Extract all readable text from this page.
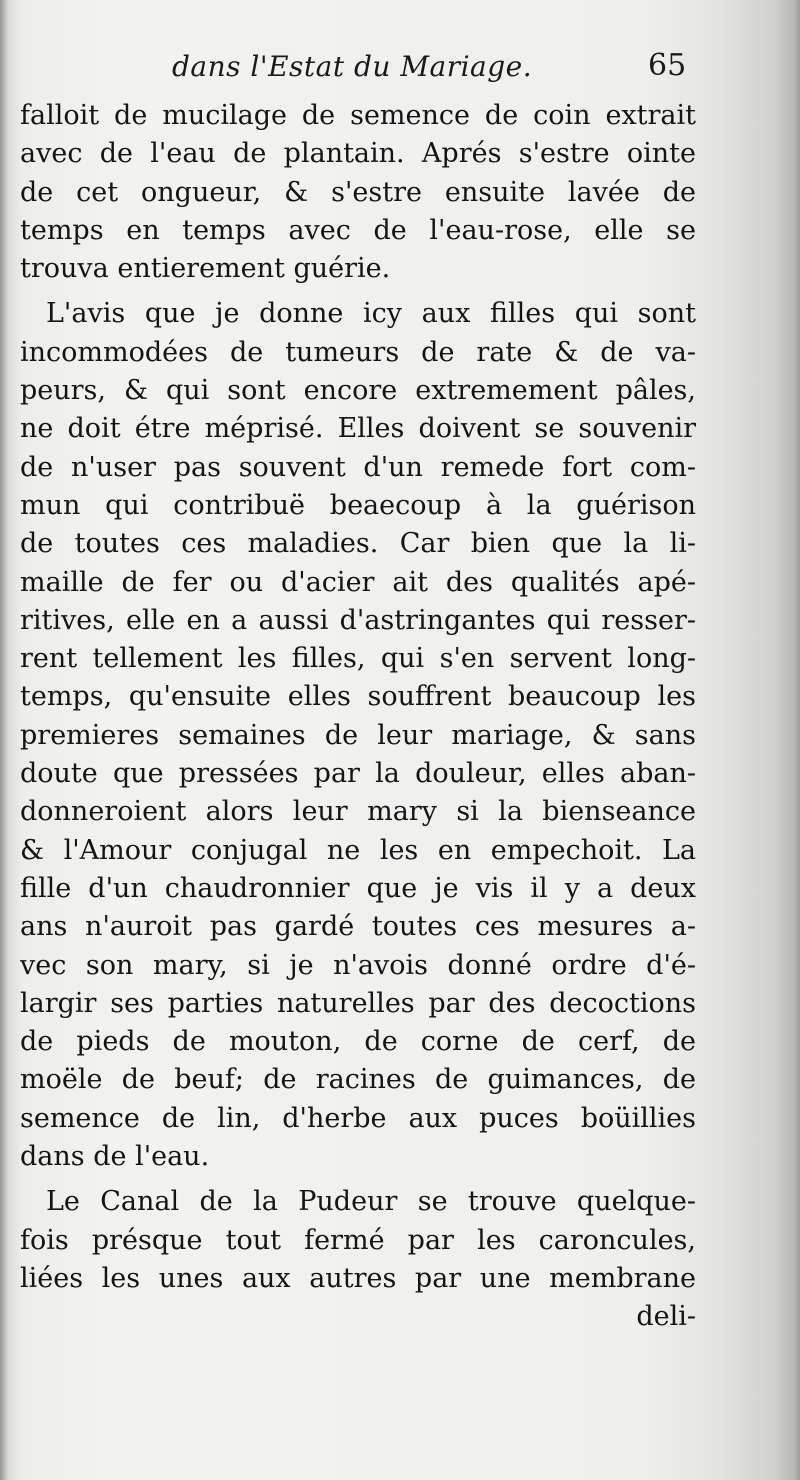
dans l'Estat du Mariage.	65
falloit de mucilage de semence de coin extrait
avec de l'eau de plantain. Aprés s'estre ointe
de cet ongueur, & s'estre ensuite lavée de
temps en temps avec de l'eau-rose, elle se
trouva entierement guérie.
L'avis que je donne icy aux filles qui sont
incommodées de tumeurs de rate & de va-
peurs, & qui sont encore extremement pâles,
ne doit étre méprisé. Elles doivent se souvenir
de n'user pas souvent d'un remede fort com-
mun qui contribuë beaecoup à la guérison
de toutes ces maladies. Car bien que la li-
maille de fer ou d'acier ait des qualités apé-
ritives, elle en a aussi d'astringantes qui resser-
rent tellement les filles, qui s'en servent long-
temps, qu'ensuite elles souffrent beaucoup les
premieres semaines de leur mariage, & sans
doute que pressées par la douleur, elles aban-
donneroient alors leur mary si la bienseance
& l'Amour conjugal ne les en empechoit. La
fille d'un chaudronnier que je vis il y a deux
ans n'auroit pas gardé toutes ces mesures a-
vec son mary, si je n'avois donné ordre d'é-
largir ses parties naturelles par des decoctions
de pieds de mouton, de corne de cerf, de
moële de beuf; de racines de guimances, de
semence de lin, d'herbe aux puces boüillies
dans de l'eau.
Le Canal de la Pudeur se trouve quelque-
fois présque tout fermé par les caroncules,
liées les unes aux autres par une membrane
deli-
